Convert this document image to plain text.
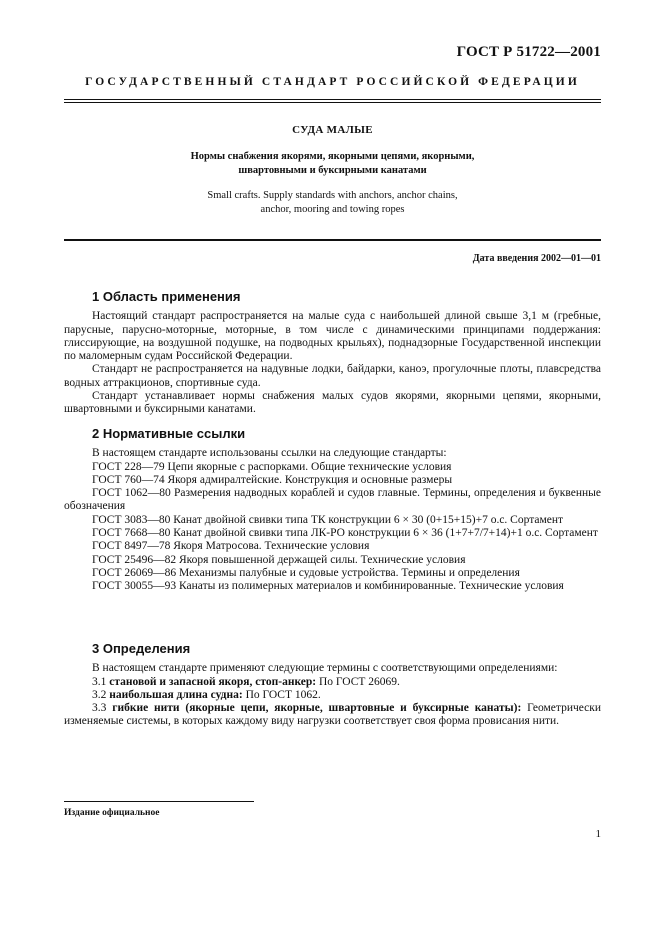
ГОСТ Р 51722—2001
ГОСУДАРСТВЕННЫЙ СТАНДАРТ РОССИЙСКОЙ ФЕДЕРАЦИИ
СУДА МАЛЫЕ
Нормы снабжения якорями, якорными цепями, якорными,
швартовными и буксирными канатами
Small crafts. Supply standards with anchors, anchor chains,
anchor, mooring and towing ropes
Дата введения 2002—01—01
1 Область применения

Настоящий стандарт распространяется на малые суда с наибольшей длиной свыше 3,1 м (гребные, парусные, парусно-моторные, моторные, в том числе с динамическими принципами поддержания: глиссирующие, на воздушной подушке, на подводных крыльях), поднадзорные Государственной инспекции по маломерным судам Российской Федерации.

Стандарт не распространяется на надувные лодки, байдарки, каноэ, прогулочные плоты, плавсредства водных аттракционов, спортивные суда.

Стандарт устанавливает нормы снабжения малых судов якорями, якорными цепями, якорными, швартовными и буксирными канатами.

2 Нормативные ссылки

В настоящем стандарте использованы ссылки на следующие стандарты:

ГОСТ 228—79 Цепи якорные с распорками. Общие технические условия

ГОСТ 760—74 Якоря адмиралтейские. Конструкция и основные размеры

ГОСТ 1062—80 Размерения надводных кораблей и судов главные. Термины, определения и буквенные обозначения

ГОСТ 3083—80 Канат двойной свивки типа ТК конструкции 6 × 30 (0+15+15)+7 о.с. Сортамент

ГОСТ 7668—80 Канат двойной свивки типа ЛК-РО конструкции 6 × 36 (1+7+7/7+14)+1 о.с. Сортамент

ГОСТ 8497—78 Якоря Матросова. Технические условия

ГОСТ 25496—82 Якоря повышенной держащей силы. Технические условия

ГОСТ 26069—86 Механизмы палубные и судовые устройства. Термины и определения

ГОСТ 30055—93 Канаты из полимерных материалов и комбинированные. Технические условия

3 Определения

В настоящем стандарте применяют следующие термины с соответствующими определениями:

3.1 становой и запасной якоря, стоп-анкер: По ГОСТ 26069.

3.2 наибольшая длина судна: По ГОСТ 1062.

3.3 гибкие нити (якорные цепи, якорные, швартовные и буксирные канаты): Геометрически изменяемые системы, в которых каждому виду нагрузки соответствует своя форма провисания нити.

Издание официальное
1
